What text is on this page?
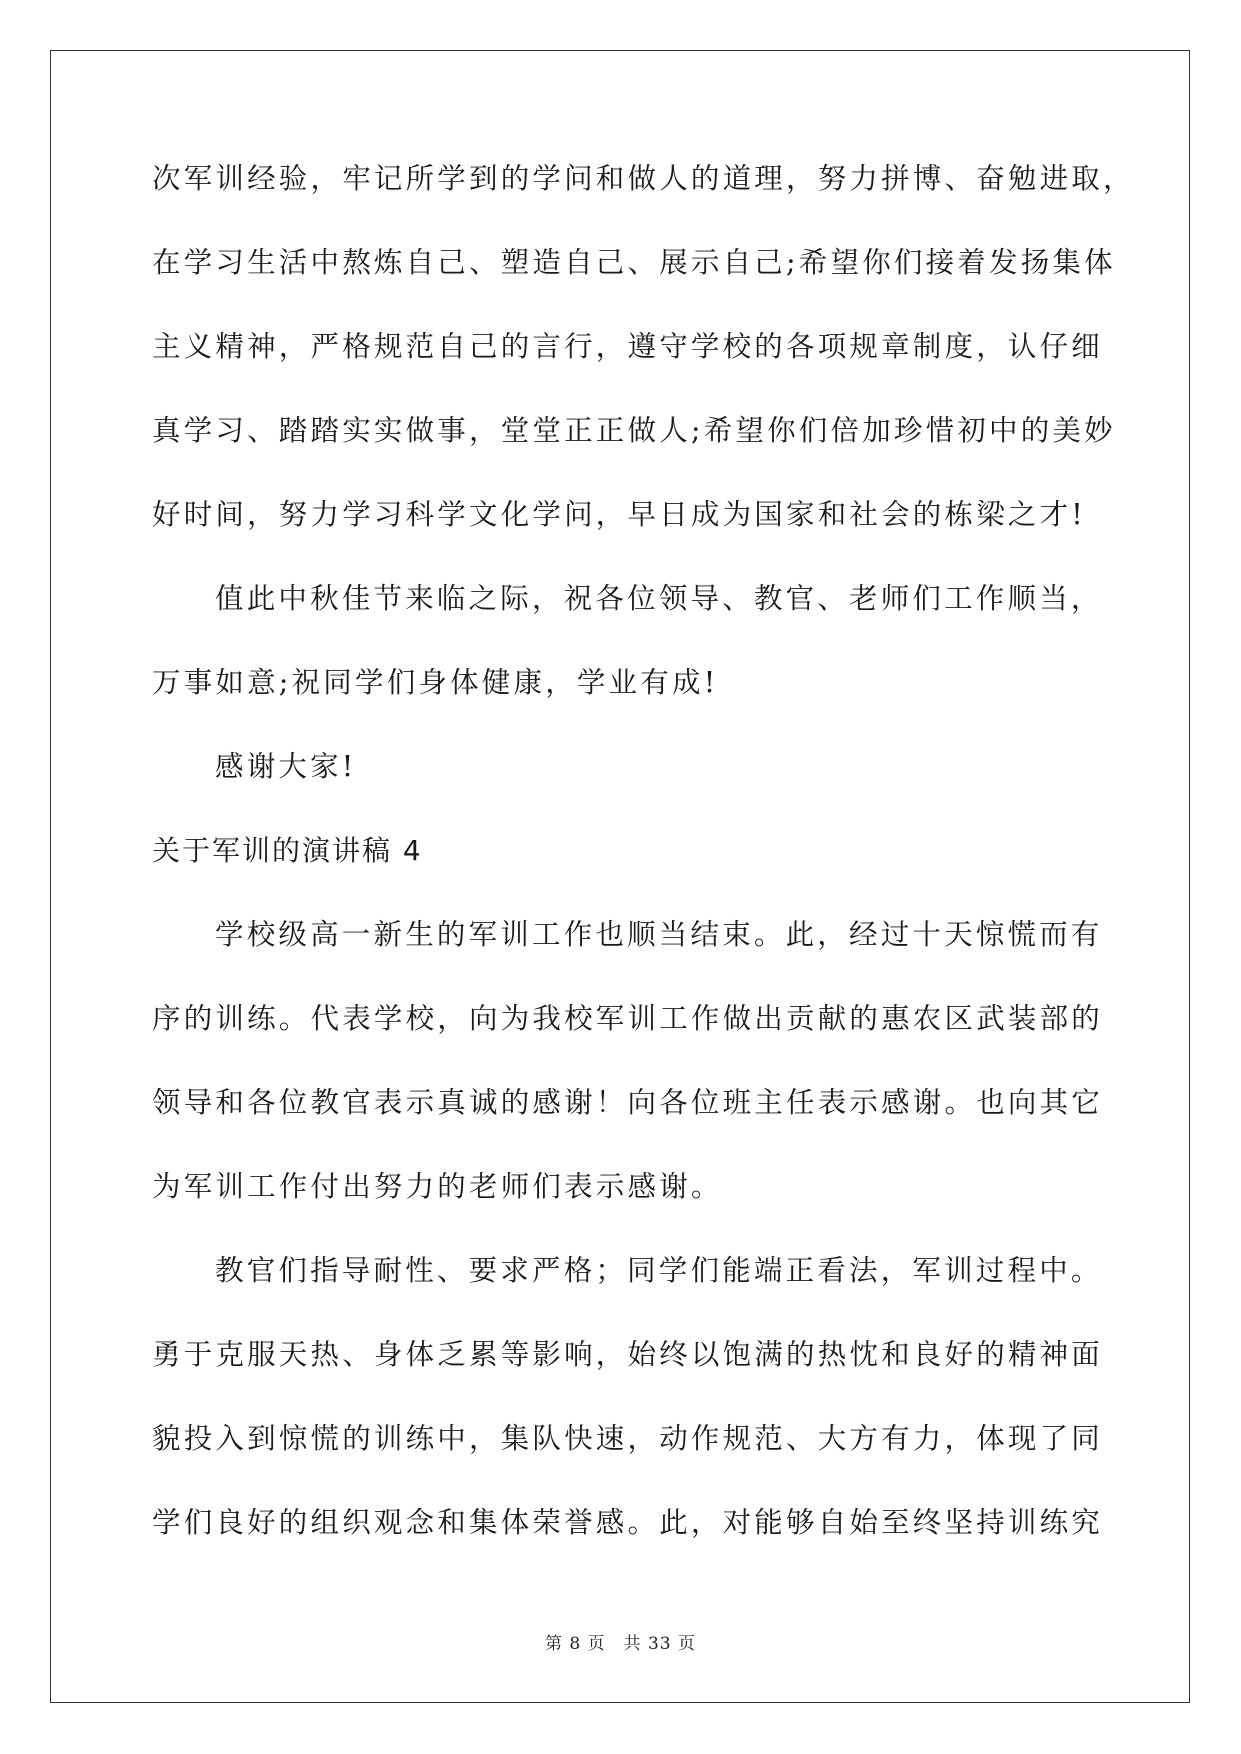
次军训经验，牢记所学到的学问和做人的道理，努力拼博、奋勉进取，
在学习生活中熬炼自己、塑造自己、展示自己;希望你们接着发扬集体
主义精神，严格规范自己的言行，遵守学校的各项规章制度，认仔细
真学习、踏踏实实做事，堂堂正正做人;希望你们倍加珍惜初中的美妙
好时间，努力学习科学文化学问，早日成为国家和社会的栋梁之才!
值此中秋佳节来临之际，祝各位领导、教官、老师们工作顺当，
万事如意;祝同学们身体健康，学业有成!
感谢大家!
关于军训的演讲稿 4
学校级高一新生的军训工作也顺当结束。此，经过十天惊慌而有
序的训练。代表学校，向为我校军训工作做出贡献的惠农区武装部的
领导和各位教官表示真诚的感谢！向各位班主任表示感谢。也向其它
为军训工作付出努力的老师们表示感谢。
教官们指导耐性、要求严格；同学们能端正看法，军训过程中。
勇于克服天热、身体乏累等影响，始终以饱满的热忱和良好的精神面
貌投入到惊慌的训练中，集队快速，动作规范、大方有力，体现了同
学们良好的组织观念和集体荣誉感。此，对能够自始至终坚持训练究
第 8 页 共 33 页
